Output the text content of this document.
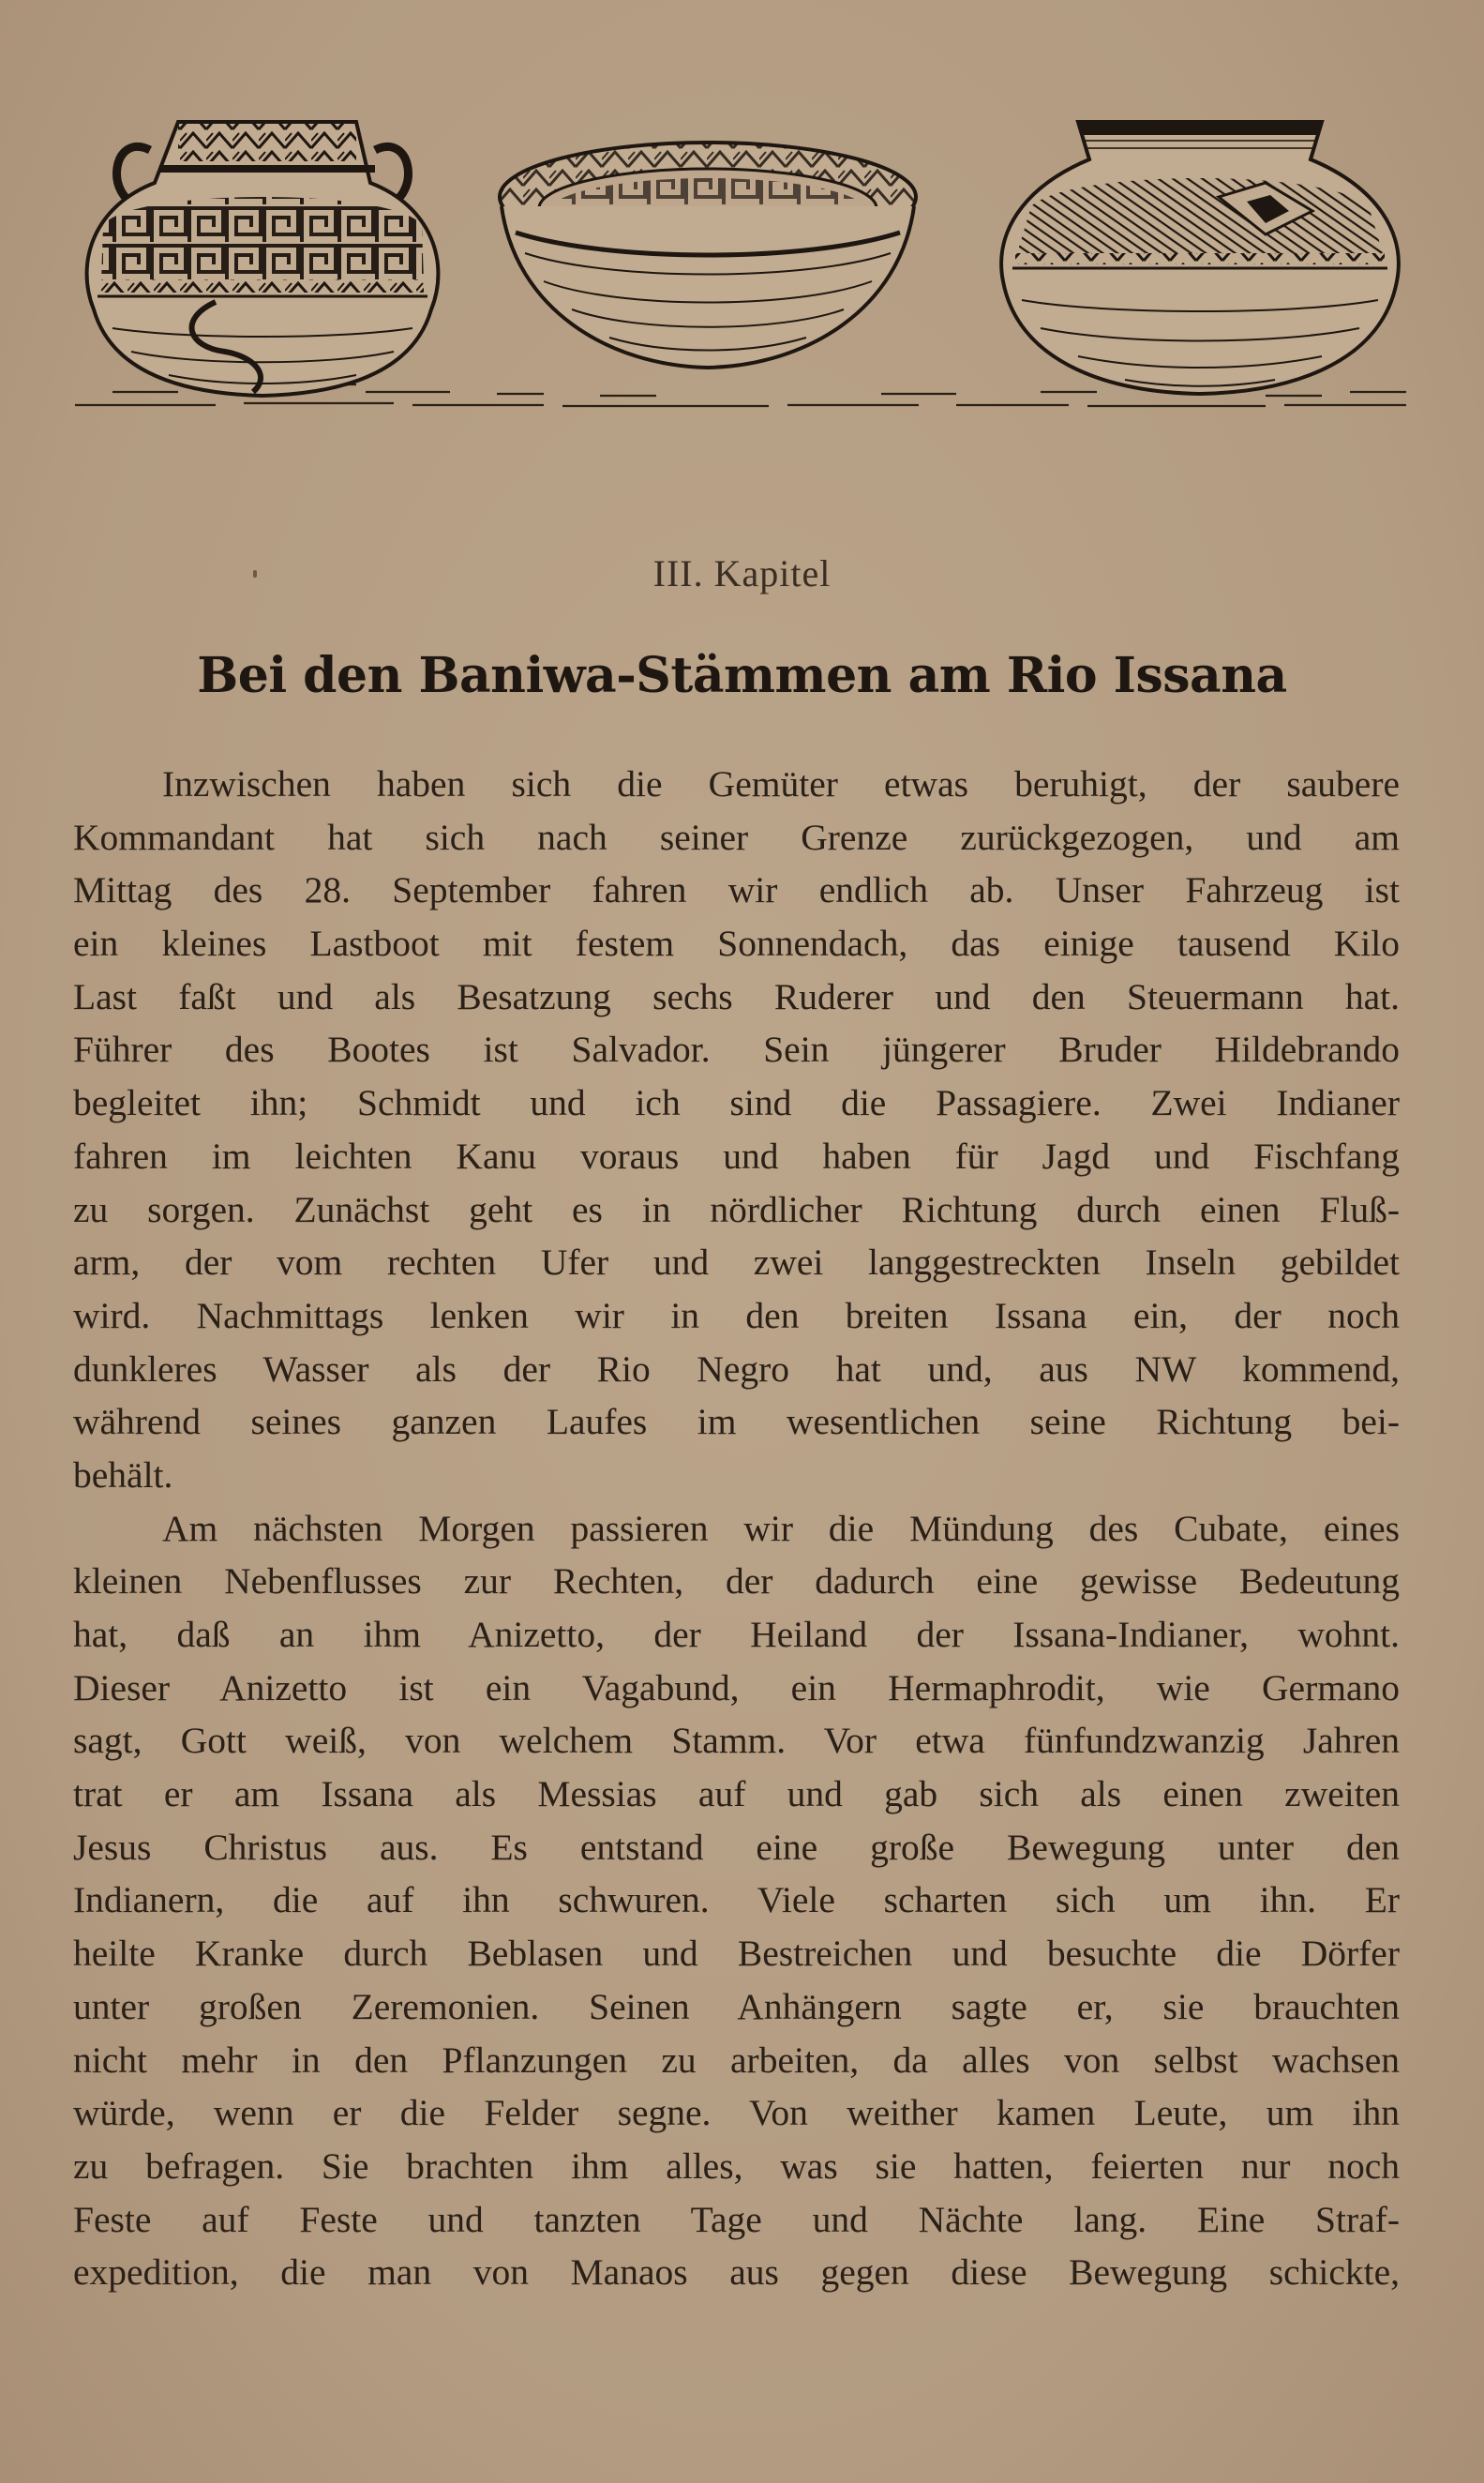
III. Kapitel
Bei den Baniwa-Stämmen am Rio Issana
Inzwischen haben sich die Gemüter etwas beruhigt, der saubere
Kommandant hat sich nach seiner Grenze zurückgezogen, und am
Mittag des 28. September fahren wir endlich ab. Unser Fahrzeug ist
ein kleines Lastboot mit festem Sonnendach, das einige tausend Kilo
Last faßt und als Besatzung sechs Ruderer und den Steuermann hat.
Führer des Bootes ist Salvador. Sein jüngerer Bruder Hildebrando
begleitet ihn; Schmidt und ich sind die Passagiere. Zwei Indianer
fahren im leichten Kanu voraus und haben für Jagd und Fischfang
zu sorgen. Zunächst geht es in nördlicher Richtung durch einen Fluß-
arm, der vom rechten Ufer und zwei langgestreckten Inseln gebildet
wird. Nachmittags lenken wir in den breiten Issana ein, der noch
dunkleres Wasser als der Rio Negro hat und, aus NW kommend,
während seines ganzen Laufes im wesentlichen seine Richtung bei-
behält.
Am nächsten Morgen passieren wir die Mündung des Cubate, eines
kleinen Nebenflusses zur Rechten, der dadurch eine gewisse Bedeutung
hat, daß an ihm Anizetto, der Heiland der Issana-Indianer, wohnt.
Dieser Anizetto ist ein Vagabund, ein Hermaphrodit, wie Germano
sagt, Gott weiß, von welchem Stamm. Vor etwa fünfundzwanzig Jahren
trat er am Issana als Messias auf und gab sich als einen zweiten
Jesus Christus aus. Es entstand eine große Bewegung unter den
Indianern, die auf ihn schwuren. Viele scharten sich um ihn. Er
heilte Kranke durch Beblasen und Bestreichen und besuchte die Dörfer
unter großen Zeremonien. Seinen Anhängern sagte er, sie brauchten
nicht mehr in den Pflanzungen zu arbeiten, da alles von selbst wachsen
würde, wenn er die Felder segne. Von weither kamen Leute, um ihn
zu befragen. Sie brachten ihm alles, was sie hatten, feierten nur noch
Feste auf Feste und tanzten Tage und Nächte lang. Eine Straf-
expedition, die man von Manaos aus gegen diese Bewegung schickte,
